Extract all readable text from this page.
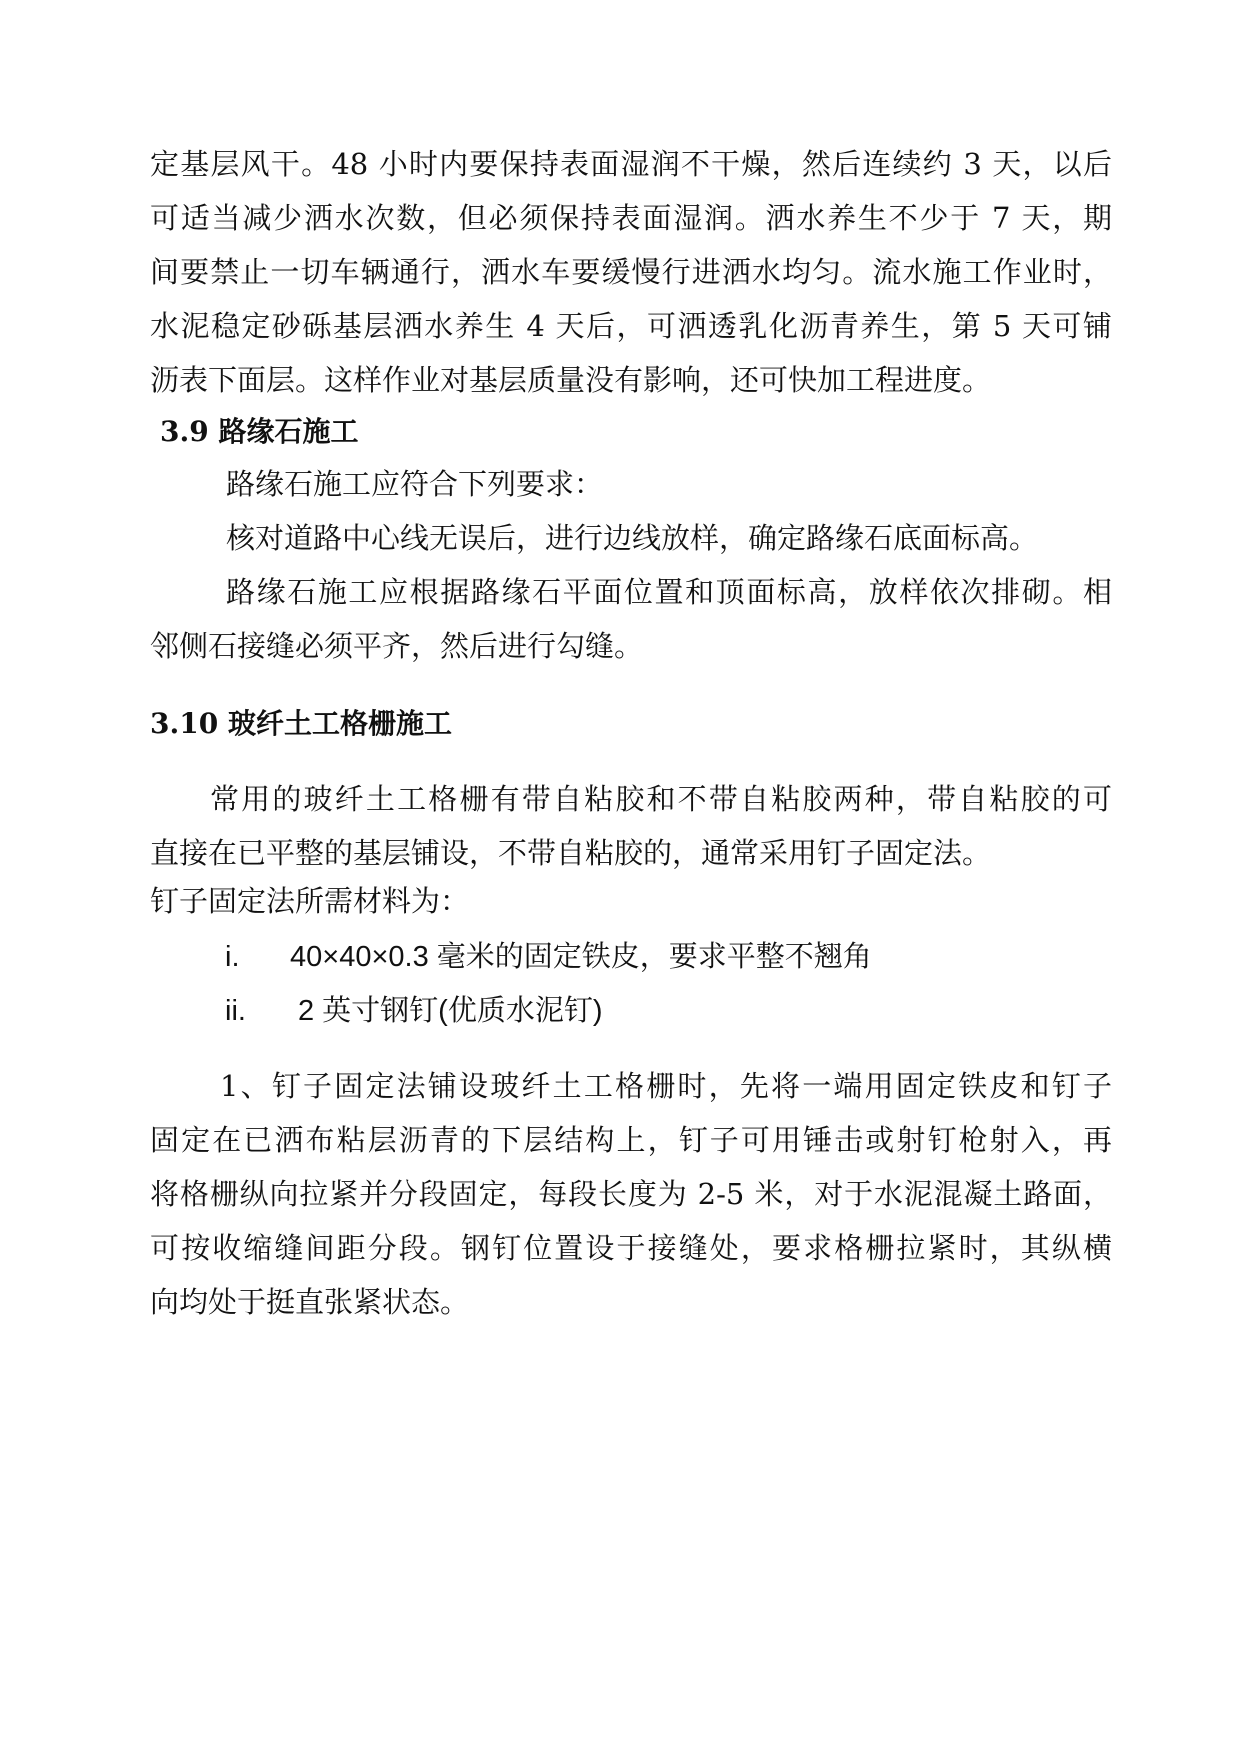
定基层风干。48 小时内要保持表面湿润不干燥，然后连续约 3 天，以后
可适当减少洒水次数，但必须保持表面湿润。洒水养生不少于 7 天，期
间要禁止一切车辆通行，洒水车要缓慢行进洒水均匀。流水施工作业时，
水泥稳定砂砾基层洒水养生 4 天后，可洒透乳化沥青养生，第 5 天可铺
沥表下面层。这样作业对基层质量没有影响，还可快加工程进度。
3.9 路缘石施工
路缘石施工应符合下列要求：
核对道路中心线无误后，进行边线放样，确定路缘石底面标高。
路缘石施工应根据路缘石平面位置和顶面标高，放样依次排砌。相
邻侧石接缝必须平齐，然后进行勾缝。
3.10 玻纤土工格栅施工
常用的玻纤土工格栅有带自粘胶和不带自粘胶两种，带自粘胶的可
直接在已平整的基层铺设，不带自粘胶的，通常采用钉子固定法。
钉子固定法所需材料为：
i. 40×40×0.3 毫米的固定铁皮，要求平整不翘角
ii. 2 英寸钢钉(优质水泥钉)
1、钉子固定法铺设玻纤土工格栅时，先将一端用固定铁皮和钉子
固定在已洒布粘层沥青的下层结构上，钉子可用锤击或射钉枪射入，再
将格栅纵向拉紧并分段固定，每段长度为 2-5 米，对于水泥混凝土路面，
可按收缩缝间距分段。钢钉位置设于接缝处，要求格栅拉紧时，其纵横
向均处于挺直张紧状态。
